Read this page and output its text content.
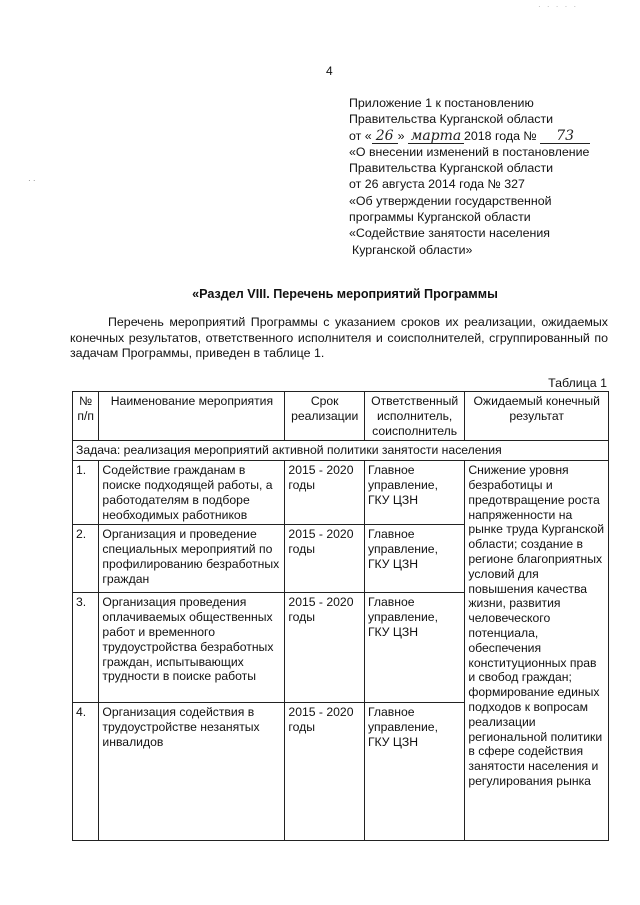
· · · · ·
· ·
4
Приложение 1 к постановлению
Правительства Курганской области
от « 26 » марта 2018 года № 73
«О внесении изменений в постановление
Правительства Курганской области
от 26 августа 2014 года № 327
«Об утверждении государственной
программы Курганской области
«Содействие занятости населения
Курганской области»
«Раздел VIII. Перечень мероприятий Программы
Перечень мероприятий Программы с указанием сроков их реализации, ожидаемых конечных результатов, ответственного исполнителя и соисполнителей, сгруппированный по задачам Программы, приведен в таблице 1.
Таблица 1
№ п/п	Наименование мероприятия	Срок реализации	Ответственный исполнитель, соисполнитель	Ожидаемый конечный результат
Задача: реализация мероприятий активной политики занятости населения				
1.	Содействие гражданам в поиске подходящей работы, а работодателям в подборе необходимых работников	2015 - 2020 годы	Главное управление, ГКУ ЦЗН	Снижение уровня безработицы и предотвращение роста напряженности на рынке труда Курганской области; создание в регионе благоприятных условий для повышения качества жизни, развития человеческого потенциала, обеспечения конституционных прав и свобод граждан; формирование единых подходов к вопросам реализации региональной политики в сфере содействия занятости населения и регулирования рынка
2.	Организация и проведение специальных мероприятий по профилированию безработных граждан	2015 - 2020 годы	Главное управление, ГКУ ЦЗН	
3.	Организация проведения оплачиваемых общественных работ и временного трудоустройства безработных граждан, испытывающих трудности в поиске работы	2015 - 2020 годы	Главное управление, ГКУ ЦЗН	
4.	Организация содействия в трудоустройстве незанятых инвалидов	2015 - 2020 годы	Главное управление, ГКУ ЦЗН	
